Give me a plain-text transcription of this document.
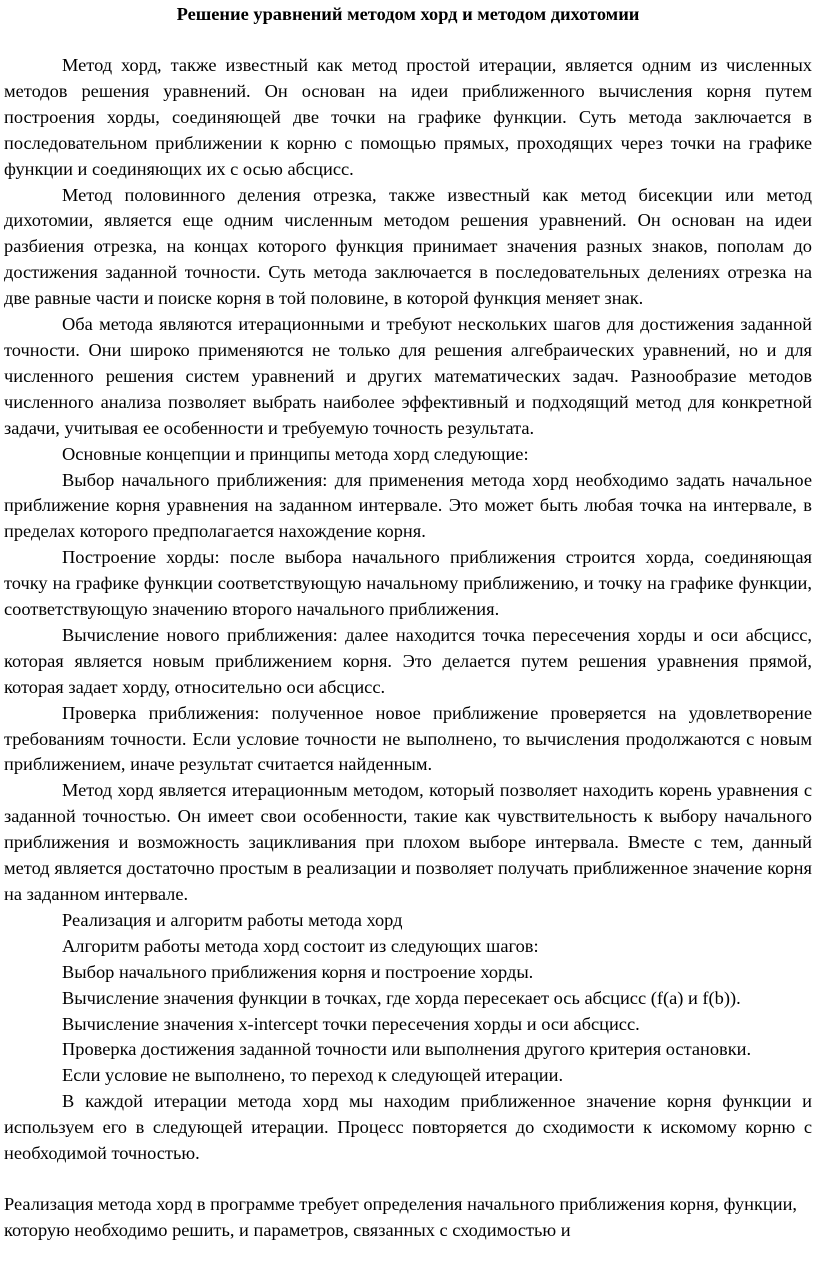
Решение уравнений методом хорд и методом дихотомии

Метод хорд, также известный как метод простой итерации, является одним из численных методов решения уравнений. Он основан на идеи приближенного вычисления корня путем построения хорды, соединяющей две точки на графике функции. Суть метода заключается в последовательном приближении к корню с помощью прямых, проходящих через точки на графике функции и соединяющих их с осью абсцисс.

Метод половинного деления отрезка, также известный как метод бисекции или метод дихотомии, является еще одним численным методом решения уравнений. Он основан на идеи разбиения отрезка, на концах которого функция принимает значения разных знаков, пополам до достижения заданной точности. Суть метода заключается в последовательных делениях отрезка на две равные части и поиске корня в той половине, в которой функция меняет знак.

Оба метода являются итерационными и требуют нескольких шагов для достижения заданной точности. Они широко применяются не только для решения алгебраических уравнений, но и для численного решения систем уравнений и других математических задач. Разнообразие методов численного анализа позволяет выбрать наиболее эффективный и подходящий метод для конкретной задачи, учитывая ее особенности и требуемую точность результата.

Основные концепции и принципы метода хорд следующие:

Выбор начального приближения: для применения метода хорд необходимо задать начальное приближение корня уравнения на заданном интервале. Это может быть любая точка на интервале, в пределах которого предполагается нахождение корня.

Построение хорды: после выбора начального приближения строится хорда, соединяющая точку на графике функции соответствующую начальному приближению, и точку на графике функции, соответствующую значению второго начального приближения.

Вычисление нового приближения: далее находится точка пересечения хорды и оси абсцисс, которая является новым приближением корня. Это делается путем решения уравнения прямой, которая задает хорду, относительно оси абсцисс.

Проверка приближения: полученное новое приближение проверяется на удовлетворение требованиям точности. Если условие точности не выполнено, то вычисления продолжаются с новым приближением, иначе результат считается найденным.

Метод хорд является итерационным методом, который позволяет находить корень уравнения с заданной точностью. Он имеет свои особенности, такие как чувствительность к выбору начального приближения и возможность зацикливания при плохом выборе интервала. Вместе с тем, данный метод является достаточно простым в реализации и позволяет получать приближенное значение корня на заданном интервале.

Реализация и алгоритм работы метода хорд

Алгоритм работы метода хорд состоит из следующих шагов:

Выбор начального приближения корня и построение хорды.

Вычисление значения функции в точках, где хорда пересекает ось абсцисс (f(a) и f(b)).

Вычисление значения x-intercept точки пересечения хорды и оси абсцисс.

Проверка достижения заданной точности или выполнения другого критерия остановки.

Если условие не выполнено, то переход к следующей итерации.

В каждой итерации метода хорд мы находим приближенное значение корня функции и используем его в следующей итерации. Процесс повторяется до сходимости к искомому корню с необходимой точностью.

Реализация метода хорд в программе требует определения начального приближения корня, функции, которую необходимо решить, и параметров, связанных с сходимостью и
